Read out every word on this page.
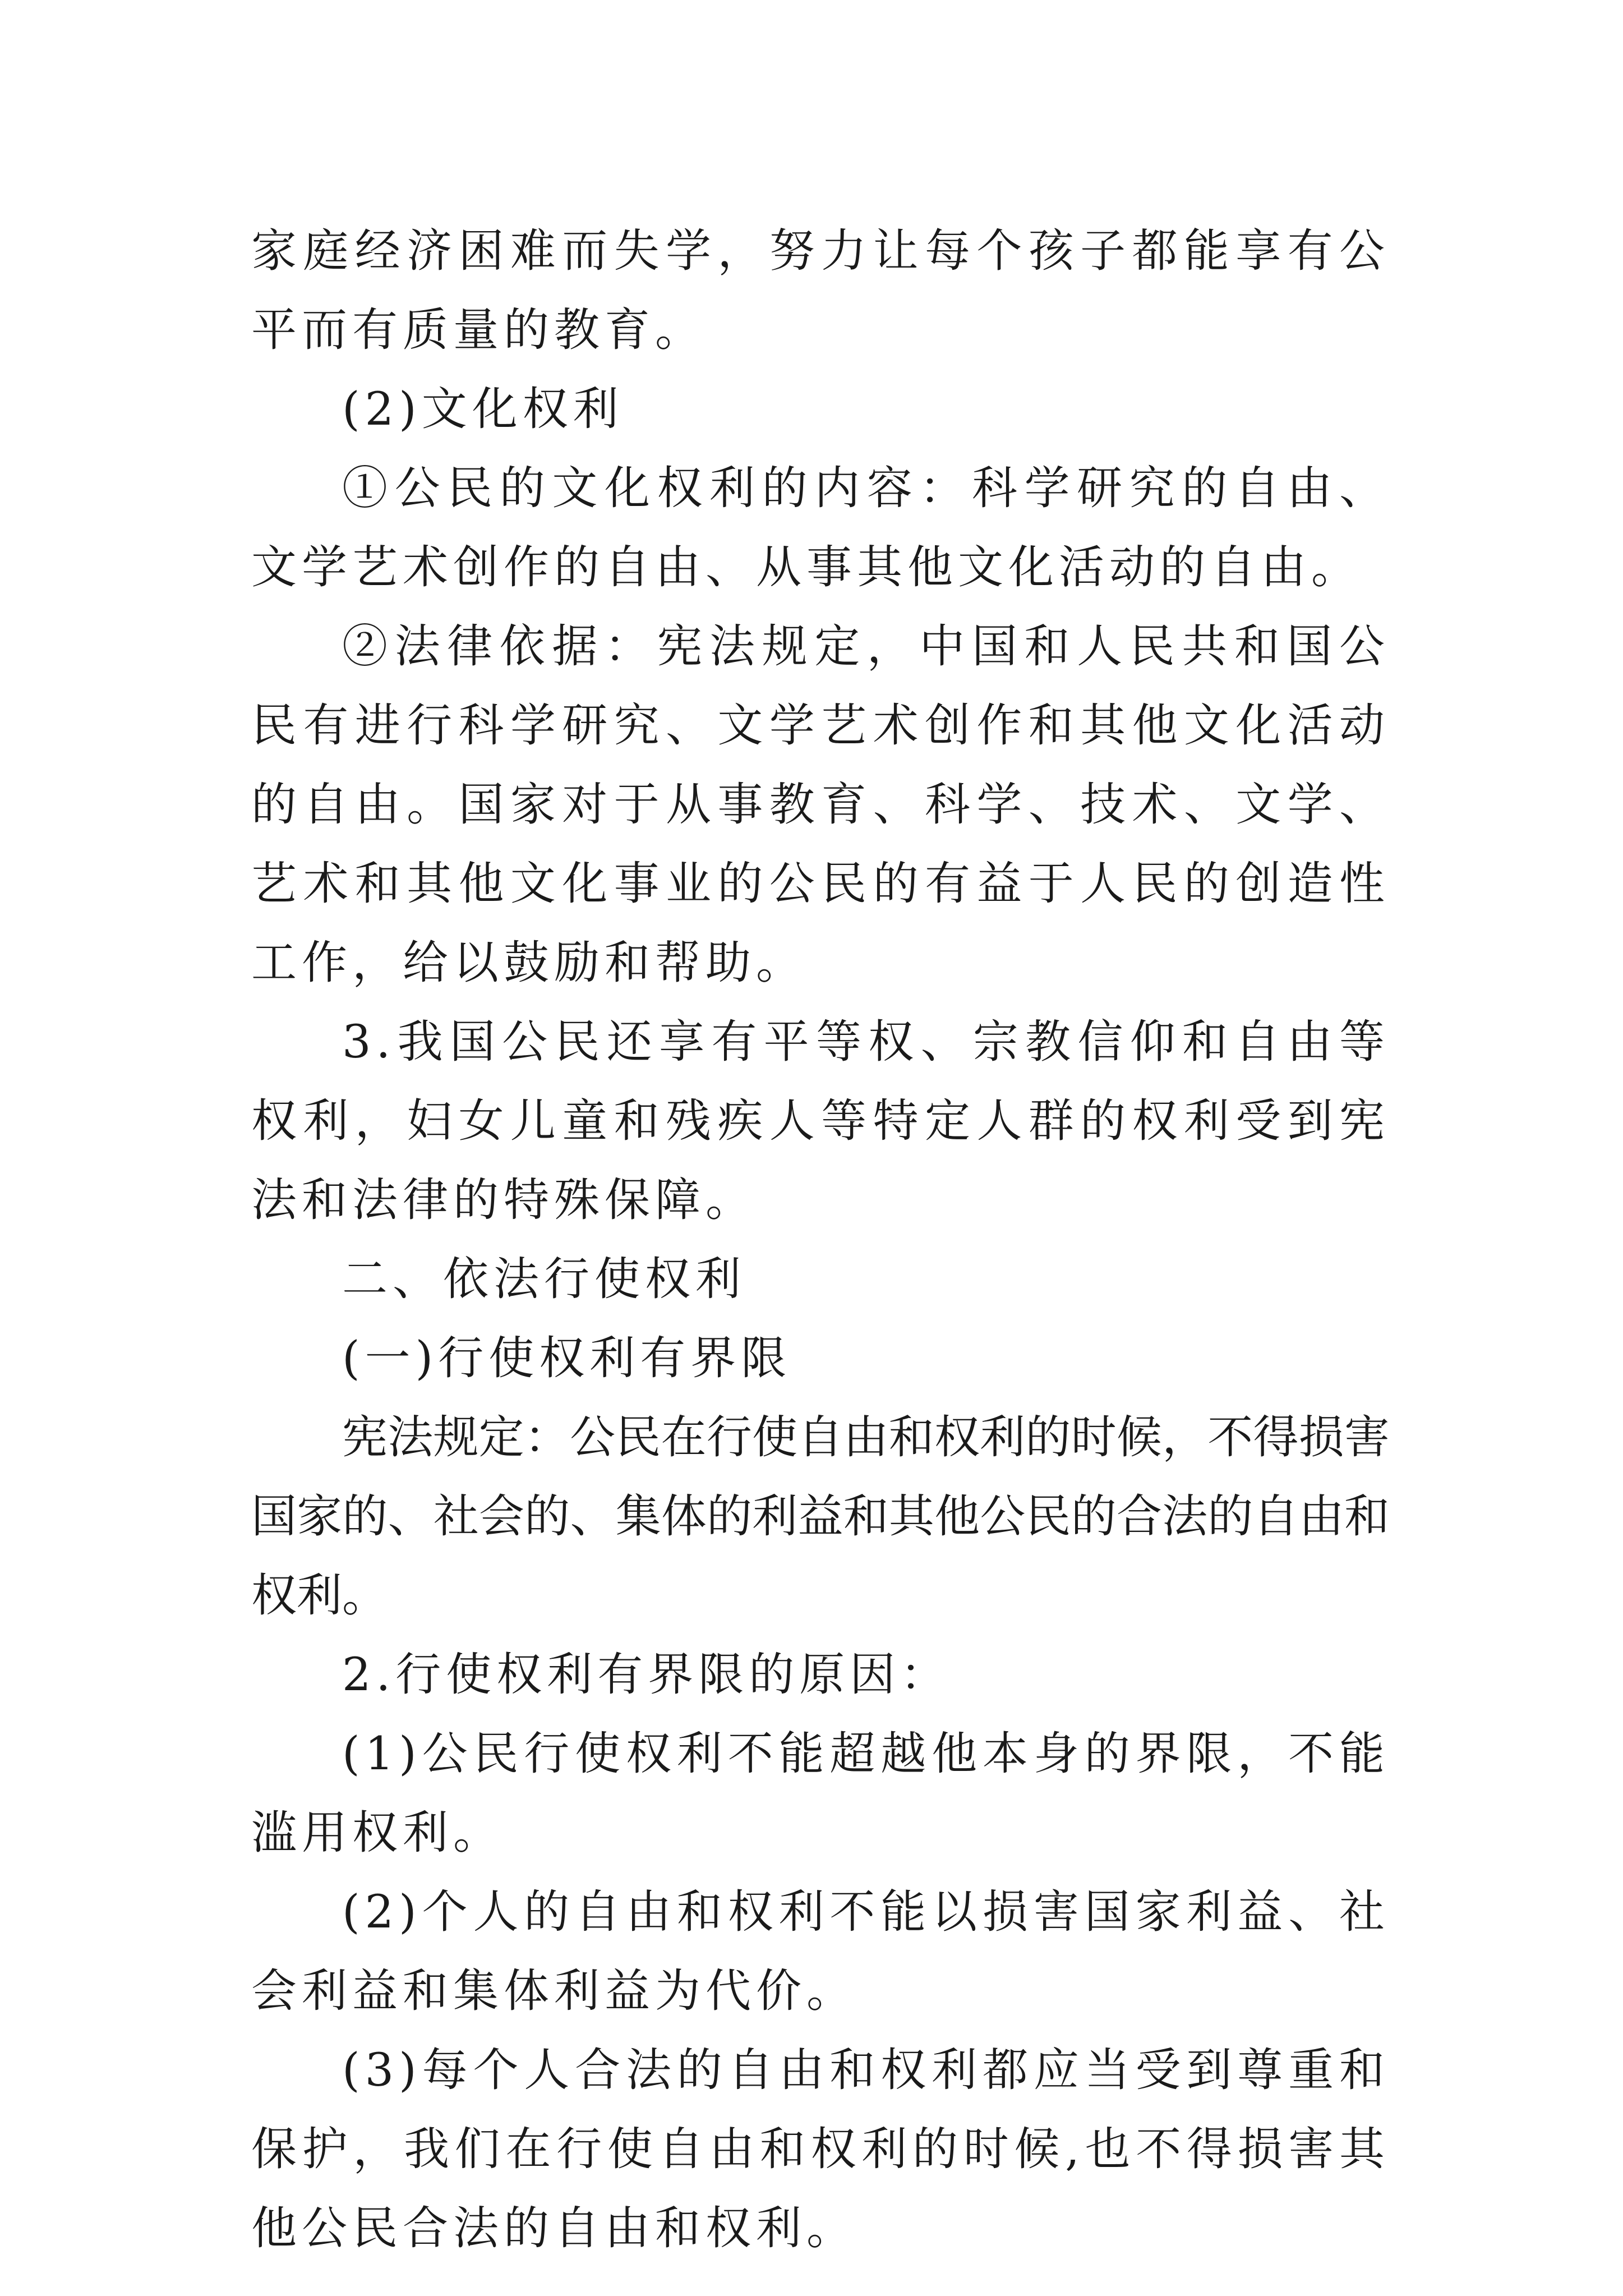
家庭经济困难而失学，努力让每个孩子都能享有公平而有质量的教育。

(2)文化权利

①公民的文化权利的内容：科学研究的自由、文学艺术创作的自由、从事其他文化活动的自由。

②法律依据：宪法规定，中国和人民共和国公民有进行科学研究、文学艺术创作和其他文化活动的自由。国家对于从事教育、科学、技术、文学、艺术和其他文化事业的公民的有益于人民的创造性工作，给以鼓励和帮助。

3.我国公民还享有平等权、宗教信仰和自由等权利，妇女儿童和残疾人等特定人群的权利受到宪法和法律的特殊保障。

二、依法行使权利

(一)行使权利有界限

宪法规定：公民在行使自由和权利的时候，不得损害国家的、社会的、集体的利益和其他公民的合法的自由和权利。

2.行使权利有界限的原因：

(1)公民行使权利不能超越他本身的界限，不能滥用权利。

(2)个人的自由和权利不能以损害国家利益、社会利益和集体利益为代价。

(3)每个人合法的自由和权利都应当受到尊重和保护，我们在行使自由和权利的时候,也不得损害其他公民合法的自由和权利。
